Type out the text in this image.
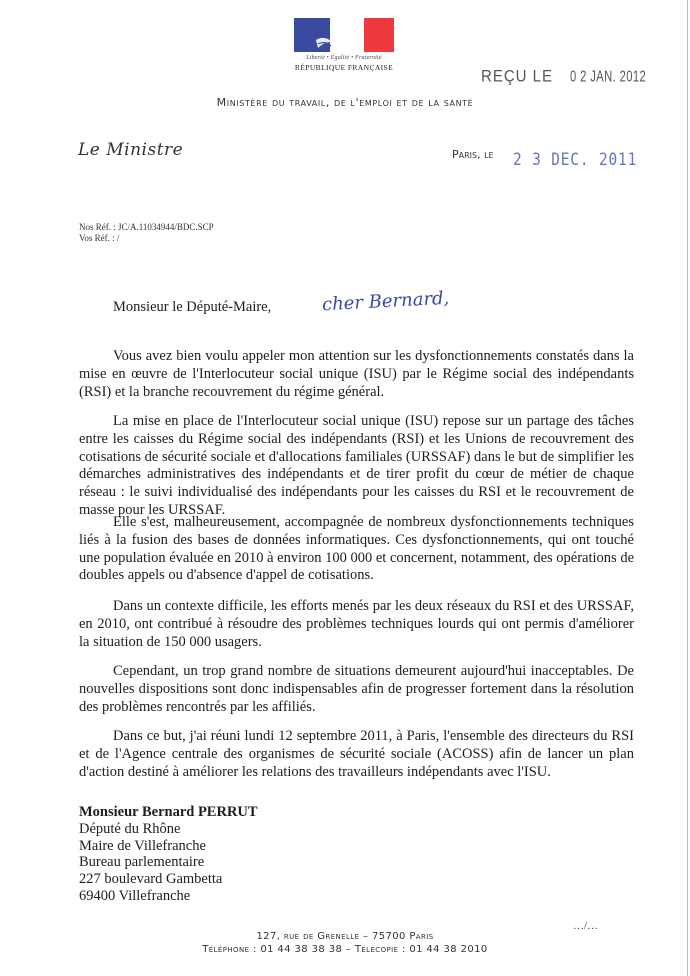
Liberté • Égalité • Fraternité
RÉPUBLIQUE FRANÇAISE	REÇU LE 0 2 JAN. 2012
Ministère du travail, de l'emploi et de la santé
Le Ministre	Paris, le 2 3 DEC. 2011
Nos Réf. : JC/A.11034944/BDC.SCP
Vos Réf. : /
Monsieur le Député-Maire,	cher Bernard,

Vous avez bien voulu appeler mon attention sur les dysfonctionnements constatés dans la mise en œuvre de l'Interlocuteur social unique (ISU) par le Régime social des indépendants (RSI) et la branche recouvrement du régime général.

La mise en place de l'Interlocuteur social unique (ISU) repose sur un partage des tâches entre les caisses du Régime social des indépendants (RSI) et les Unions de recouvrement des cotisations de sécurité sociale et d'allocations familiales (URSSAF) dans le but de simplifier les démarches administratives des indépendants et de tirer profit du cœur de métier de chaque réseau : le suivi individualisé des indépendants pour les caisses du RSI et le recouvrement de masse pour les URSSAF.

Elle s'est, malheureusement, accompagnée de nombreux dysfonctionnements techniques liés à la fusion des bases de données informatiques. Ces dysfonctionnements, qui ont touché une population évaluée en 2010 à environ 100 000 et concernent, notamment, des opérations de doubles appels ou d'absence d'appel de cotisations.

Dans un contexte difficile, les efforts menés par les deux réseaux du RSI et des URSSAF, en 2010, ont contribué à résoudre des problèmes techniques lourds qui ont permis d'améliorer la situation de 150 000 usagers.

Cependant, un trop grand nombre de situations demeurent aujourd'hui inacceptables. De nouvelles dispositions sont donc indispensables afin de progresser fortement dans la résolution des problèmes rencontrés par les affiliés.

Dans ce but, j'ai réuni lundi 12 septembre 2011, à Paris, l'ensemble des directeurs du RSI et de l'Agence centrale des organismes de sécurité sociale (ACOSS) afin de lancer un plan d'action destiné à améliorer les relations des travailleurs indépendants avec l'ISU.

Monsieur Bernard PERRUT
Député du Rhône
Maire de Villefranche
Bureau parlementaire
227 boulevard Gambetta
69400 Villefranche
…/…
127, rue de Grenelle – 75700 Paris
Téléphone : 01 44 38 38 38 – Télécopie : 01 44 38 2010
